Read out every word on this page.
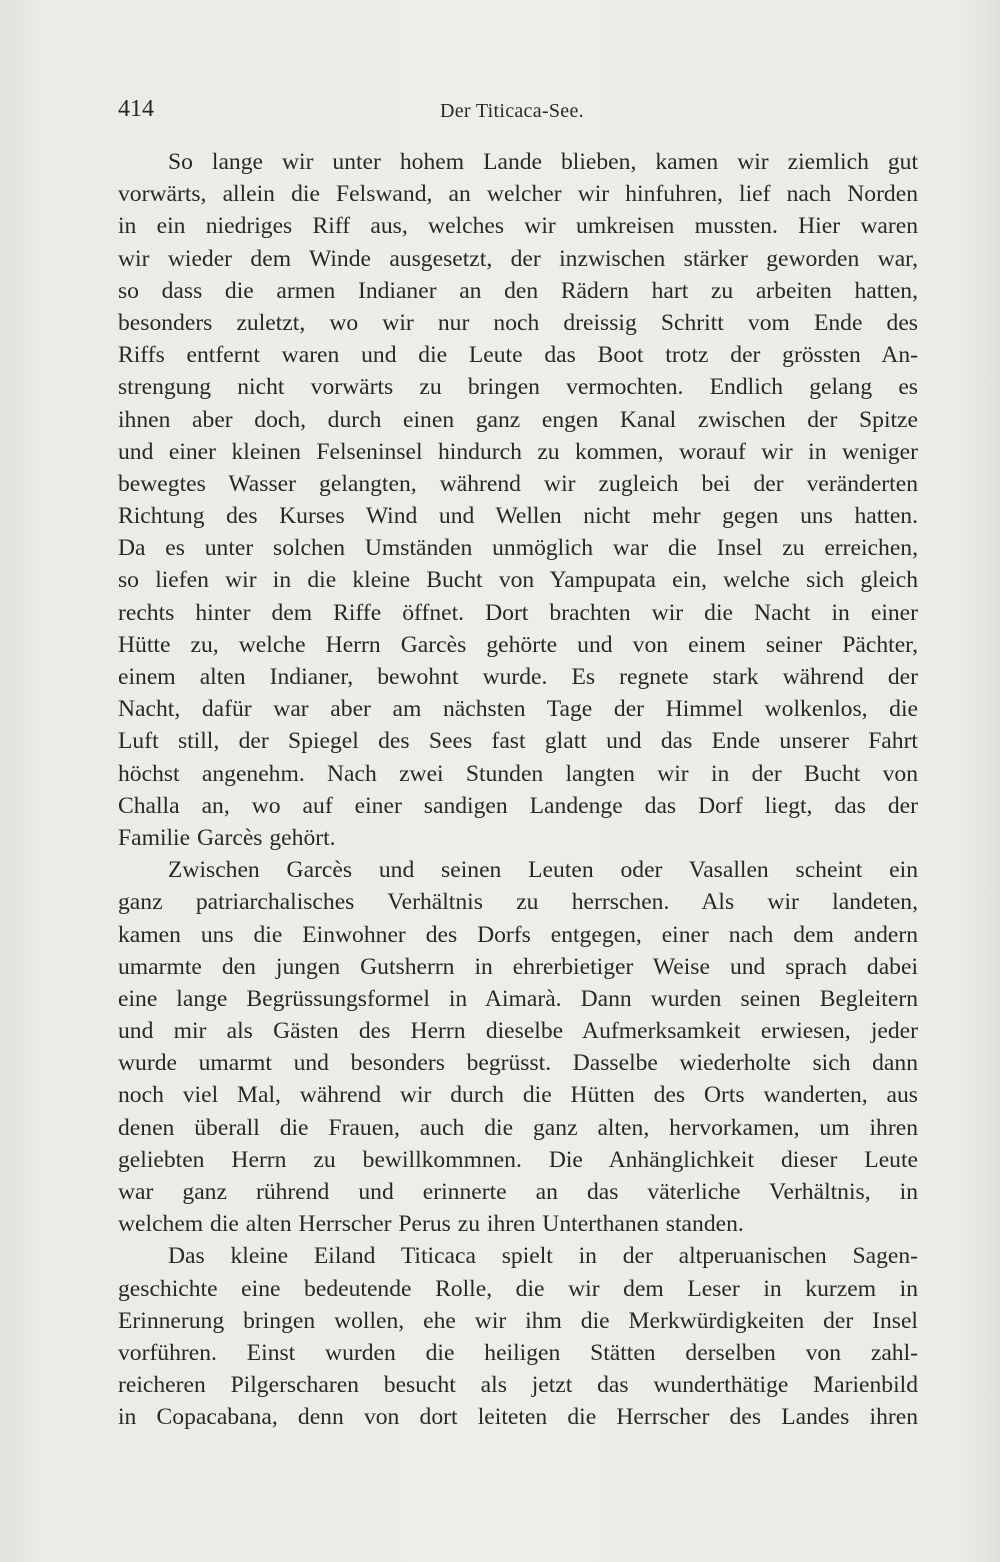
414	Der Titicaca-See.
So lange wir unter hohem Lande blieben, kamen wir ziemlich gut
vorwärts, allein die Felswand, an welcher wir hinfuhren, lief nach Norden
in ein niedriges Riff aus, welches wir umkreisen mussten. Hier waren
wir wieder dem Winde ausgesetzt, der inzwischen stärker geworden war,
so dass die armen Indianer an den Rädern hart zu arbeiten hatten,
besonders zuletzt, wo wir nur noch dreissig Schritt vom Ende des
Riffs entfernt waren und die Leute das Boot trotz der grössten An-
strengung nicht vorwärts zu bringen vermochten. Endlich gelang es
ihnen aber doch, durch einen ganz engen Kanal zwischen der Spitze
und einer kleinen Felseninsel hindurch zu kommen, worauf wir in weniger
bewegtes Wasser gelangten, während wir zugleich bei der veränderten
Richtung des Kurses Wind und Wellen nicht mehr gegen uns hatten.
Da es unter solchen Umständen unmöglich war die Insel zu erreichen,
so liefen wir in die kleine Bucht von Yampupata ein, welche sich gleich
rechts hinter dem Riffe öffnet. Dort brachten wir die Nacht in einer
Hütte zu, welche Herrn Garcès gehörte und von einem seiner Pächter,
einem alten Indianer, bewohnt wurde. Es regnete stark während der
Nacht, dafür war aber am nächsten Tage der Himmel wolkenlos, die
Luft still, der Spiegel des Sees fast glatt und das Ende unserer Fahrt
höchst angenehm. Nach zwei Stunden langten wir in der Bucht von
Challa an, wo auf einer sandigen Landenge das Dorf liegt, das der
Familie Garcès gehört.
Zwischen Garcès und seinen Leuten oder Vasallen scheint ein
ganz patriarchalisches Verhältnis zu herrschen. Als wir landeten,
kamen uns die Einwohner des Dorfs entgegen, einer nach dem andern
umarmte den jungen Gutsherrn in ehrerbietiger Weise und sprach dabei
eine lange Begrüssungsformel in Aimarà. Dann wurden seinen Begleitern
und mir als Gästen des Herrn dieselbe Aufmerksamkeit erwiesen, jeder
wurde umarmt und besonders begrüsst. Dasselbe wiederholte sich dann
noch viel Mal, während wir durch die Hütten des Orts wanderten, aus
denen überall die Frauen, auch die ganz alten, hervorkamen, um ihren
geliebten Herrn zu bewillkommnen. Die Anhänglichkeit dieser Leute
war ganz rührend und erinnerte an das väterliche Verhältnis, in
welchem die alten Herrscher Perus zu ihren Unterthanen standen.
Das kleine Eiland Titicaca spielt in der altperuanischen Sagen-
geschichte eine bedeutende Rolle, die wir dem Leser in kurzem in
Erinnerung bringen wollen, ehe wir ihm die Merkwürdigkeiten der Insel
vorführen. Einst wurden die heiligen Stätten derselben von zahl-
reicheren Pilgerscharen besucht als jetzt das wunderthätige Marienbild
in Copacabana, denn von dort leiteten die Herrscher des Landes ihren
